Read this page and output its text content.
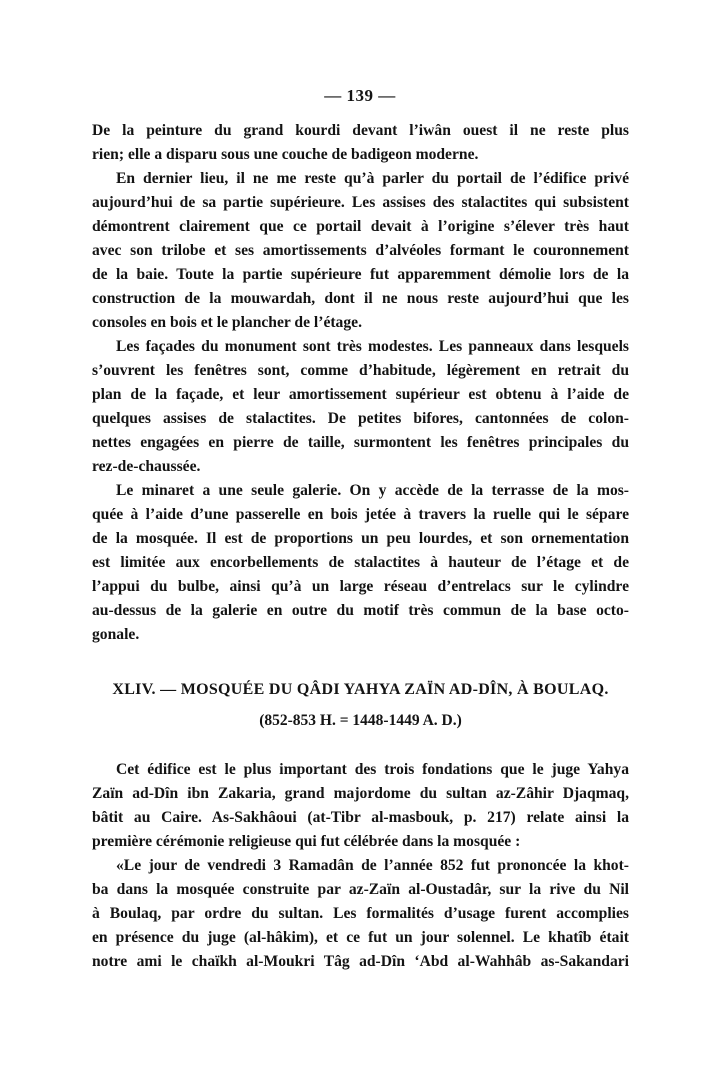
— 139 —
De la peinture du grand kourdi devant l’iwân ouest il ne reste plus
rien; elle a disparu sous une couche de badigeon moderne.
En dernier lieu, il ne me reste qu’à parler du portail de l’édifice privé
aujourd’hui de sa partie supérieure. Les assises des stalactites qui subsistent
démontrent clairement que ce portail devait à l’origine s’élever très haut
avec son trilobe et ses amortissements d’alvéoles formant le couronnement
de la baie. Toute la partie supérieure fut apparemment démolie lors de la
construction de la mouwardah, dont il ne nous reste aujourd’hui que les
consoles en bois et le plancher de l’étage.
Les façades du monument sont très modestes. Les panneaux dans lesquels
s’ouvrent les fenêtres sont, comme d’habitude, légèrement en retrait du
plan de la façade, et leur amortissement supérieur est obtenu à l’aide de
quelques assises de stalactites. De petites bifores, cantonnées de colon-
nettes engagées en pierre de taille, surmontent les fenêtres principales du
rez-de-chaussée.
Le minaret a une seule galerie. On y accède de la terrasse de la mos-
quée à l’aide d’une passerelle en bois jetée à travers la ruelle qui le sépare
de la mosquée. Il est de proportions un peu lourdes, et son ornementation
est limitée aux encorbellements de stalactites à hauteur de l’étage et de
l’appui du bulbe, ainsi qu’à un large réseau d’entrelacs sur le cylindre
au-dessus de la galerie en outre du motif très commun de la base octo-
gonale.
XLIV. — MOSQUÉE DU QÂDI YAHYA ZAÏN AD-DÎN, À BOULAQ.
(852-853 H. = 1448-1449 A. D.)
Cet édifice est le plus important des trois fondations que le juge Yahya
Zaïn ad-Dîn ibn Zakaria, grand majordome du sultan az-Zâhir Djaqmaq,
bâtit au Caire. As-Sakhâoui (at-Tibr al-masbouk, p. 217) relate ainsi la
première cérémonie religieuse qui fut célébrée dans la mosquée :
«Le jour de vendredi 3 Ramadân de l’année 852 fut prononcée la khot-
ba dans la mosquée construite par az-Zaïn al-Oustadâr, sur la rive du Nil
à Boulaq, par ordre du sultan. Les formalités d’usage furent accomplies
en présence du juge (al-hâkim), et ce fut un jour solennel. Le khatîb était
notre ami le chaïkh al-Moukri Tâg ad-Dîn ‘Abd al-Wahhâb as-Sakandari
